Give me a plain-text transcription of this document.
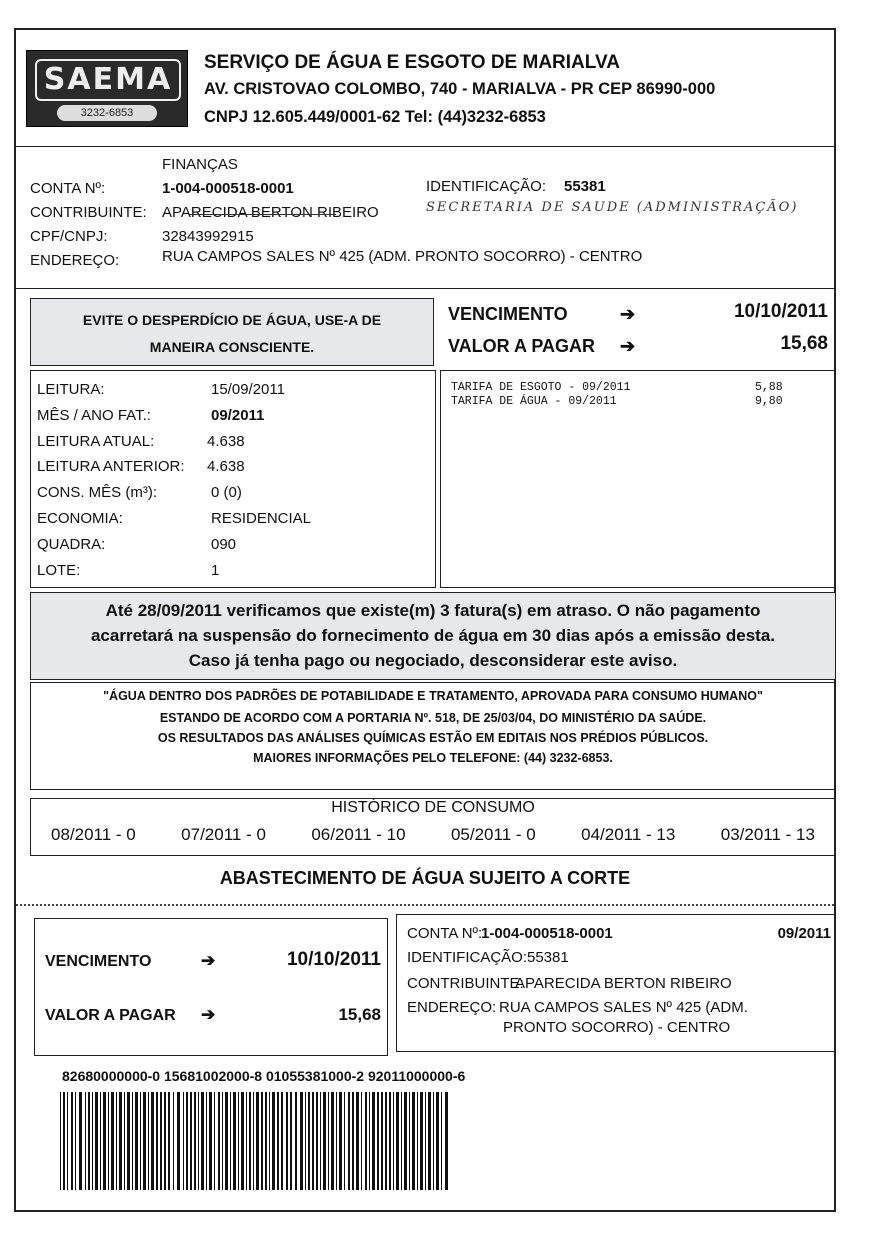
SAEMA
3232-6853
SERVIÇO DE ÁGUA E ESGOTO DE MARIALVA
AV. CRISTOVAO COLOMBO, 740 - MARIALVA - PR CEP 86990-000
CNPJ 12.605.449/0001-62 Tel: (44)3232-6853
FINANÇAS
CONTA Nº:	1-004-000518-0001	IDENTIFICAÇÃO: 55381
CONTRIBUINTE: APARECIDA BERTON RIBEIRO	SECRETARIA DE SAUDE (ADMINISTRAÇÃO)
CPF/CNPJ:	32843992915
ENDEREÇO:	RUA CAMPOS SALES Nº 425 (ADM. PRONTO SOCORRO) - CENTRO
EVITE O DESPERDÍCIO DE ÁGUA, USE-A DE
MANEIRA CONSCIENTE.
VENCIMENTO	➔	10/10/2011
VALOR A PAGAR ➔	15,68
LEITURA:	15/09/2011
MÊS / ANO FAT.:	09/2011
LEITURA ATUAL:	4.638
LEITURA ANTERIOR: 4.638
CONS. MÊS (m³):	0 (0)
ECONOMIA:	RESIDENCIAL
QUADRA:	090
LOTE:	1
TARIFA DE ESGOTO - 09/2011	5,88
TARIFA DE ÁGUA - 09/2011	9,80
Até 28/09/2011 verificamos que existe(m) 3 fatura(s) em atraso. O não pagamento
acarretará na suspensão do fornecimento de água em 30 dias após a emissão desta.
Caso já tenha pago ou negociado, desconsiderar este aviso.
"ÁGUA DENTRO DOS PADRÕES DE POTABILIDADE E TRATAMENTO, APROVADA PARA CONSUMO HUMANO"
ESTANDO DE ACORDO COM A PORTARIA Nº. 518, DE 25/03/04, DO MINISTÉRIO DA SAÚDE.
OS RESULTADOS DAS ANÁLISES QUÍMICAS ESTÃO EM EDITAIS NOS PRÉDIOS PÚBLICOS.
MAIORES INFORMAÇÕES PELO TELEFONE: (44) 3232-6853.
HISTÓRICO DE CONSUMO
08/2011 - 0	07/2011 - 0	06/2011 - 10	05/2011 - 0	04/2011 - 13	03/2011 - 13
ABASTECIMENTO DE ÁGUA SUJEITO A CORTE
VENCIMENTO	➔	10/10/2011
VALOR A PAGAR ➔	15,68
CONTA Nº:
1-004-000518-0001	09/2011
IDENTIFICAÇÃO: 55381
CONTRIBUINTE:
APARECIDA BERTON RIBEIRO
ENDEREÇO: RUA CAMPOS SALES Nº 425 (ADM.
PRONTO SOCORRO) - CENTRO
82680000000-0 15681002000-8 01055381000-2 92011000000-6
